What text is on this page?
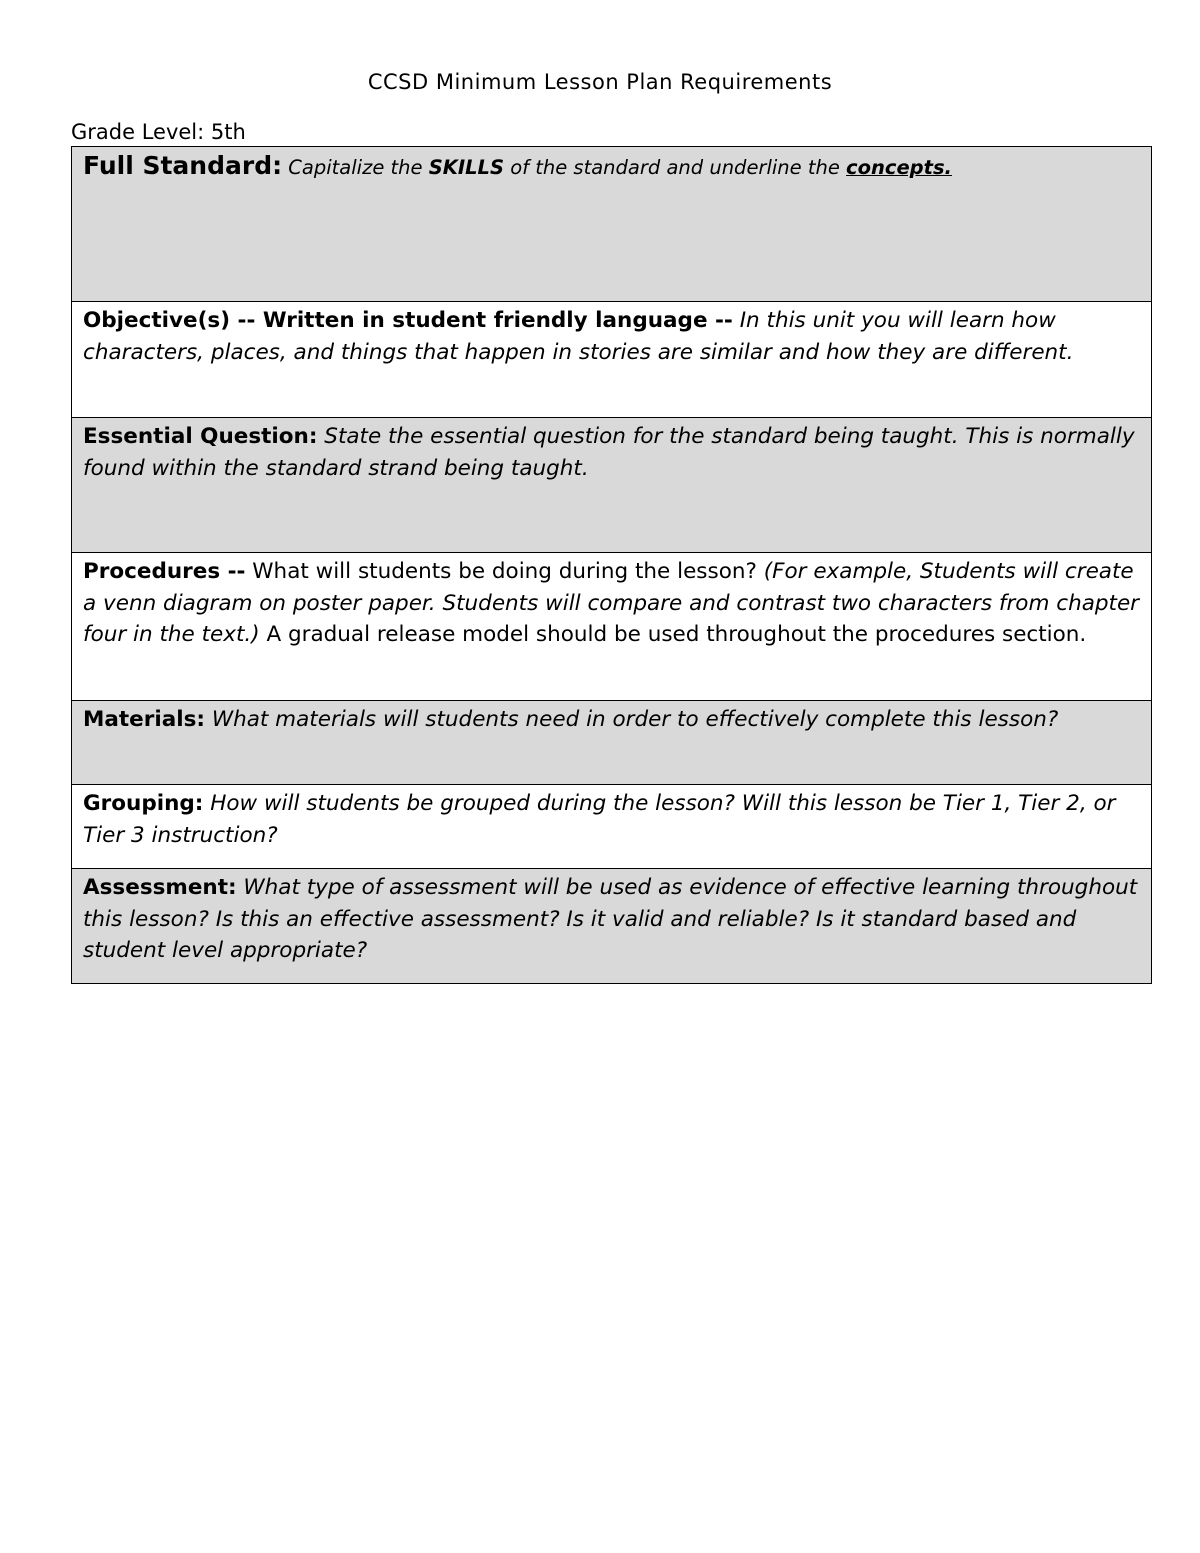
CCSD Minimum Lesson Plan Requirements
Grade Level: 5th
Full Standard: Capitalize the SKILLS of the standard and underline the concepts.
Objective(s) -- Written in student friendly language -- In this unit you will learn how characters, places, and things that happen in stories are similar and how they are different.
Essential Question: State the essential question for the standard being taught. This is normally found within the standard strand being taught.
Procedures -- What will students be doing during the lesson? (For example, Students will create a venn diagram on poster paper. Students will compare and contrast two characters from chapter four in the text.) A gradual release model should be used throughout the procedures section.
Materials: What materials will students need in order to effectively complete this lesson?
Grouping: How will students be grouped during the lesson? Will this lesson be Tier 1, Tier 2, or Tier 3 instruction?
Assessment: What type of assessment will be used as evidence of effective learning throughout this lesson? Is this an effective assessment? Is it valid and reliable? Is it standard based and student level appropriate?
